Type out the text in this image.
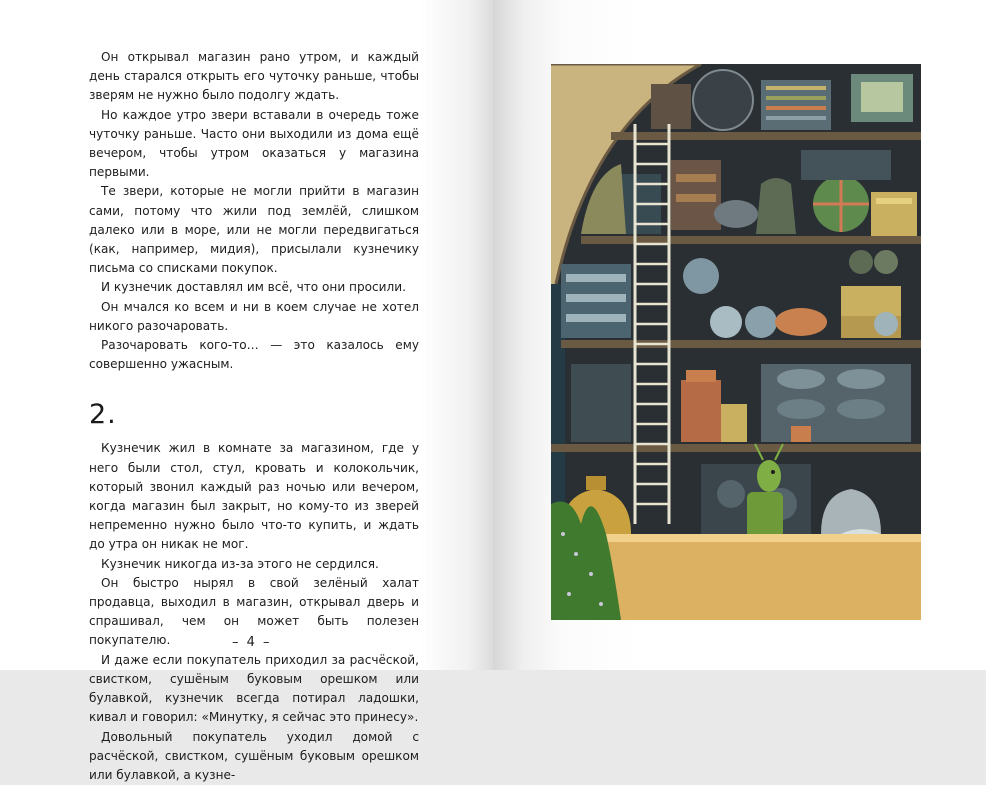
Он открывал магазин рано утром, и каждый день старался открыть его чуточку раньше, чтобы зверям не нужно было подолгу ждать.

Но каждое утро звери вставали в очередь тоже чуточку раньше. Часто они выходили из дома ещё вечером, чтобы утром оказаться у магазина первыми.

Те звери, которые не могли прийти в магазин сами, потому что жили под землёй, слишком далеко или в море, или не могли передвигаться (как, например, мидия), присылали кузнечику письма со списками покупок.

И кузнечик доставлял им всё, что они просили.

Он мчался ко всем и ни в коем случае не хотел никого разочаровать.

Разочаровать кого-то… — это казалось ему совершенно ужасным.

2.

Кузнечик жил в комнате за магазином, где у него были стол, стул, кровать и колокольчик, который звонил каждый раз ночью или вечером, когда магазин был закрыт, но кому-то из зверей непременно нужно было что-то купить, и ждать до утра он никак не мог.

Кузнечик никогда из-за этого не сердился.

Он быстро нырял в свой зелёный халат продавца, выходил в магазин, открывал дверь и спрашивал, чем он может быть полезен покупателю.

И даже если покупатель приходил за расчёской, свистком, сушёным буковым орешком или булавкой, кузнечик всегда потирал ладошки, кивал и говорил: «Минутку, я сейчас это принесу».

Довольный покупатель уходил домой с расчёской, свистком, сушёным буковым орешком или булавкой, а кузне-

– 4 –
